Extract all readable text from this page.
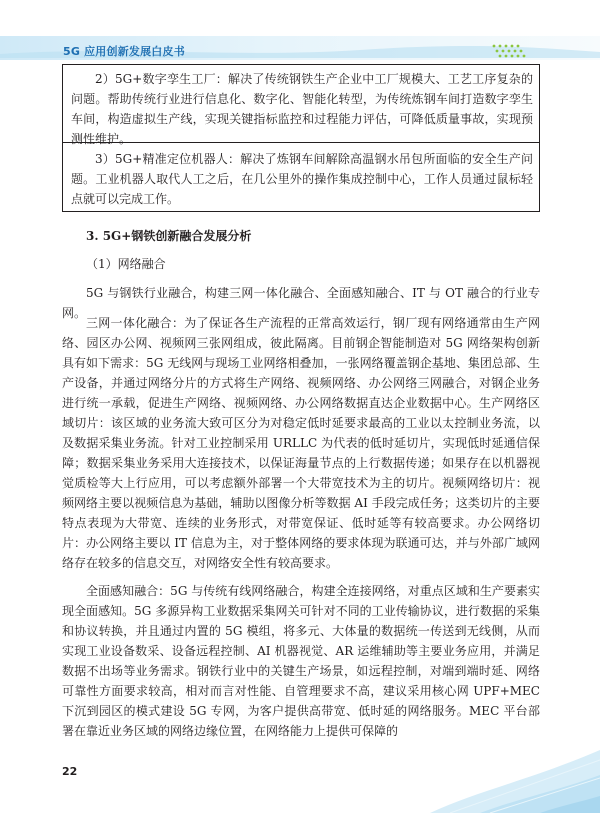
5G 应用创新发展白皮书

2）5G+数字孪生工厂：解决了传统钢铁生产企业中工厂规模大、工艺工序复杂的问题。帮助传统行业进行信息化、数字化、智能化转型，为传统炼钢车间打造数字孪生车间，构造虚拟生产线，实现关键指标监控和过程能力评估，可降低质量事故，实现预测性维护。

3）5G+精准定位机器人：解决了炼钢车间解除高温钢水吊包所面临的安全生产问题。工业机器人取代人工之后，在几公里外的操作集成控制中心，工作人员通过鼠标轻点就可以完成工作。

3. 5G+钢铁创新融合发展分析
（1）网络融合

5G 与钢铁行业融合，构建三网一体化融合、全面感知融合、IT 与 OT 融合的行业专网。

三网一体化融合：为了保证各生产流程的正常高效运行，钢厂现有网络通常由生产网络、园区办公网、视频网三张网组成，彼此隔离。目前钢企智能制造对 5G 网络架构创新具有如下需求：5G 无线网与现场工业网络相叠加，一张网络覆盖钢企基地、集团总部、生产设备，并通过网络分片的方式将生产网络、视频网络、办公网络三网融合，对钢企业务进行统一承载，促进生产网络、视频网络、办公网络数据直达企业数据中心。生产网络区域切片：该区域的业务流大致可区分为对稳定低时延要求最高的工业以太控制业务流，以及数据采集业务流。针对工业控制采用 URLLC 为代表的低时延切片，实现低时延通信保障；数据采集业务采用大连接技术，以保证海量节点的上行数据传递；如果存在以机器视觉质检等大上行应用，可以考虑额外部署一个大带宽技术为主的切片。视频网络切片：视频网络主要以视频信息为基础，辅助以图像分析等数据 AI 手段完成任务；这类切片的主要特点表现为大带宽、连续的业务形式，对带宽保证、低时延等有较高要求。办公网络切片：办公网络主要以 IT 信息为主，对于整体网络的要求体现为联通可达，并与外部广域网络存在较多的信息交互，对网络安全性有较高要求。

全面感知融合：5G 与传统有线网络融合，构建全连接网络，对重点区域和生产要素实现全面感知。5G 多源异构工业数据采集网关可针对不同的工业传输协议，进行数据的采集和协议转换，并且通过内置的 5G 模组，将多元、大体量的数据统一传送到无线侧，从而实现工业设备数采、设备远程控制、AI 机器视觉、AR 运维辅助等主要业务应用，并满足数据不出场等业务需求。钢铁行业中的关键生产场景，如远程控制，对端到端时延、网络可靠性方面要求较高，相对而言对性能、自管理要求不高，建议采用核心网 UPF+MEC 下沉到园区的模式建设 5G 专网，为客户提供高带宽、低时延的网络服务。MEC 平台部署在靠近业务区域的网络边缘位置，在网络能力上提供可保障的

22
